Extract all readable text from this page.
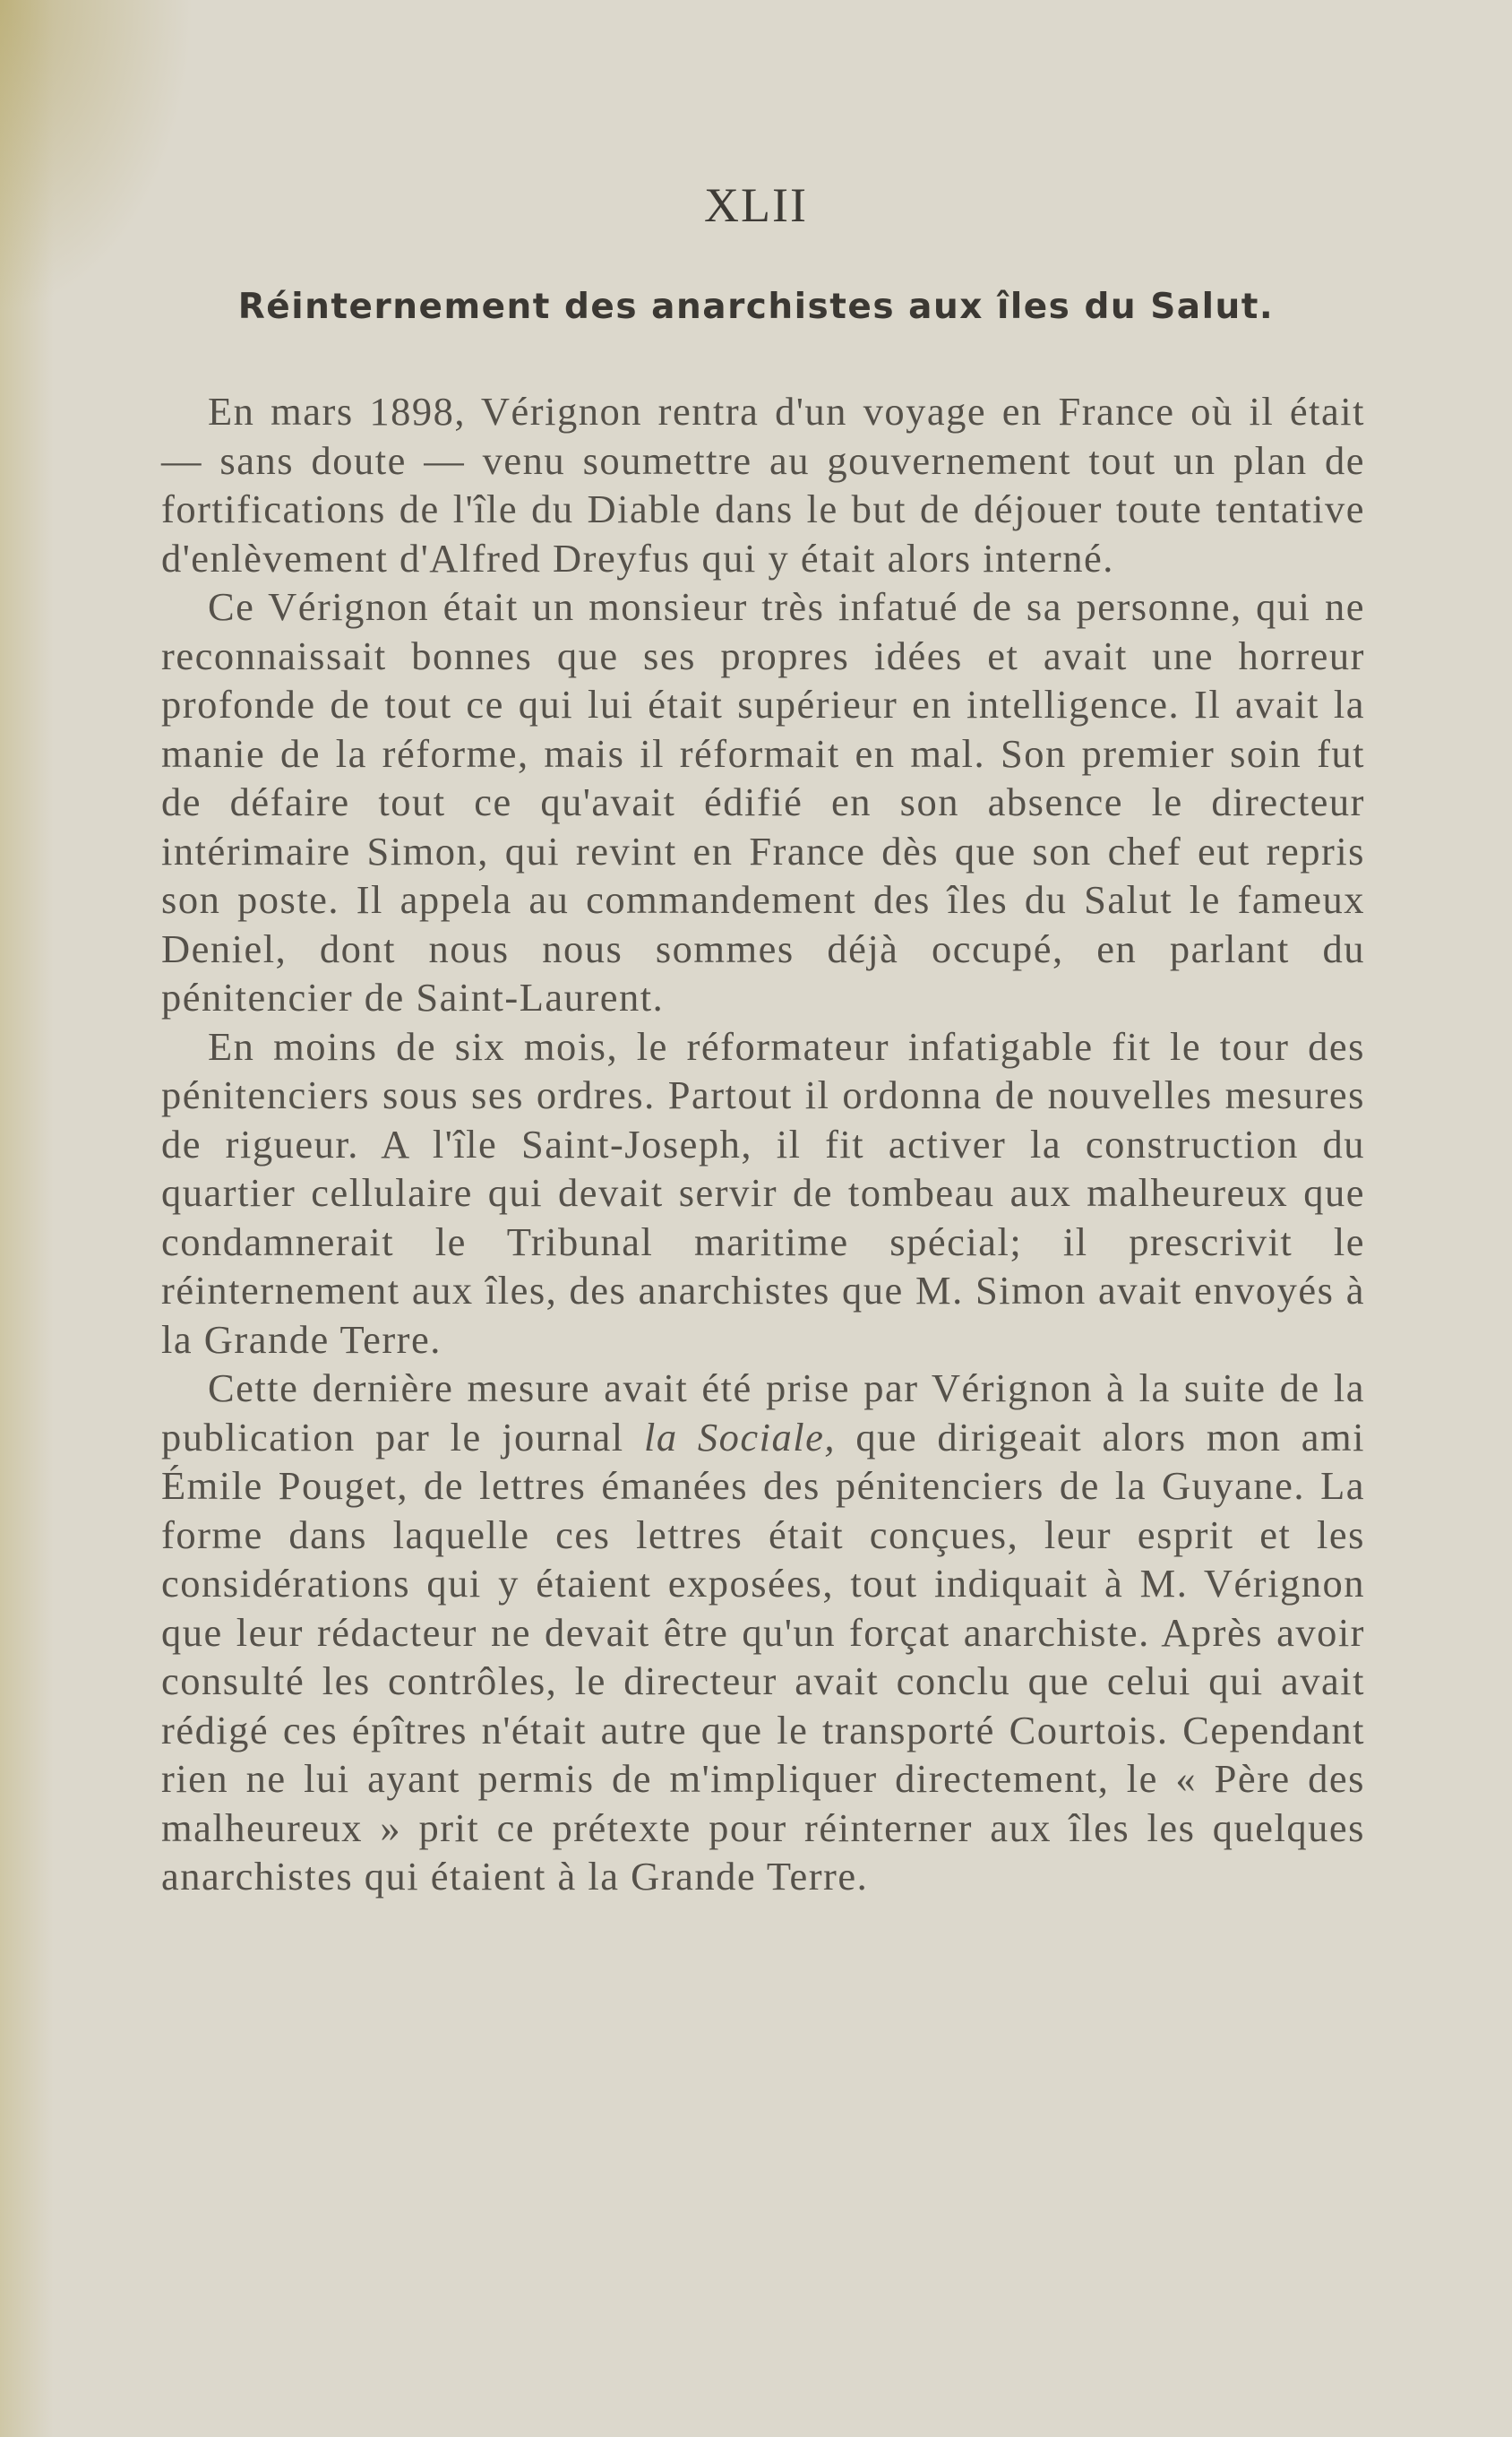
XLII
Réinternement des anarchistes aux îles du Salut.

En mars 1898, Vérignon rentra d'un voyage en France où il était — sans doute — venu soumettre au gouvernement tout un plan de fortifications de l'île du Diable dans le but de déjouer toute tentative d'enlèvement d'Alfred Dreyfus qui y était alors interné.

Ce Vérignon était un monsieur très infatué de sa personne, qui ne reconnaissait bonnes que ses propres idées et avait une horreur profonde de tout ce qui lui était supérieur en intelligence. Il avait la manie de la réforme, mais il réformait en mal. Son premier soin fut de défaire tout ce qu'avait édifié en son absence le directeur intérimaire Simon, qui revint en France dès que son chef eut repris son poste. Il appela au commandement des îles du Salut le fameux Deniel, dont nous nous sommes déjà occupé, en parlant du pénitencier de Saint-Laurent.

En moins de six mois, le réformateur infatigable fit le tour des pénitenciers sous ses ordres. Partout il ordonna de nouvelles mesures de rigueur. A l'île Saint-Joseph, il fit activer la construction du quartier cellulaire qui devait servir de tombeau aux malheureux que condamnerait le Tribunal maritime spécial; il prescrivit le réinternement aux îles, des anarchistes que M. Simon avait envoyés à la Grande Terre.

Cette dernière mesure avait été prise par Vérignon à la suite de la publication par le journal la Sociale, que dirigeait alors mon ami Émile Pouget, de lettres émanées des pénitenciers de la Guyane. La forme dans laquelle ces lettres était conçues, leur esprit et les considérations qui y étaient exposées, tout indiquait à M. Vérignon que leur rédacteur ne devait être qu'un forçat anarchiste. Après avoir consulté les contrôles, le directeur avait conclu que celui qui avait rédigé ces épîtres n'était autre que le transporté Courtois. Cependant rien ne lui ayant permis de m'impliquer directement, le « Père des malheureux » prit ce prétexte pour réinterner aux îles les quelques anarchistes qui étaient à la Grande Terre.
